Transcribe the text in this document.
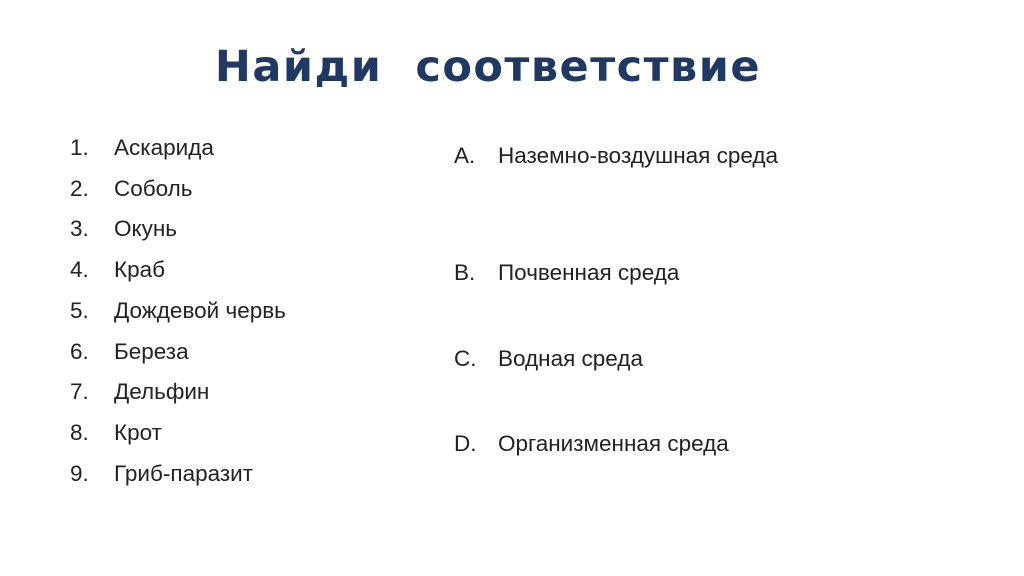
Найди  соответствие
1.	Аскарида
2.	Соболь
3.	Окунь
4.	Краб
5.	Дождевой червь
6.	Береза
7.	Дельфин
8.	Крот
9.	Гриб-паразит
A.	Наземно-воздушная среда
B.	Почвенная среда
C. Водная среда
D. Организменная среда
